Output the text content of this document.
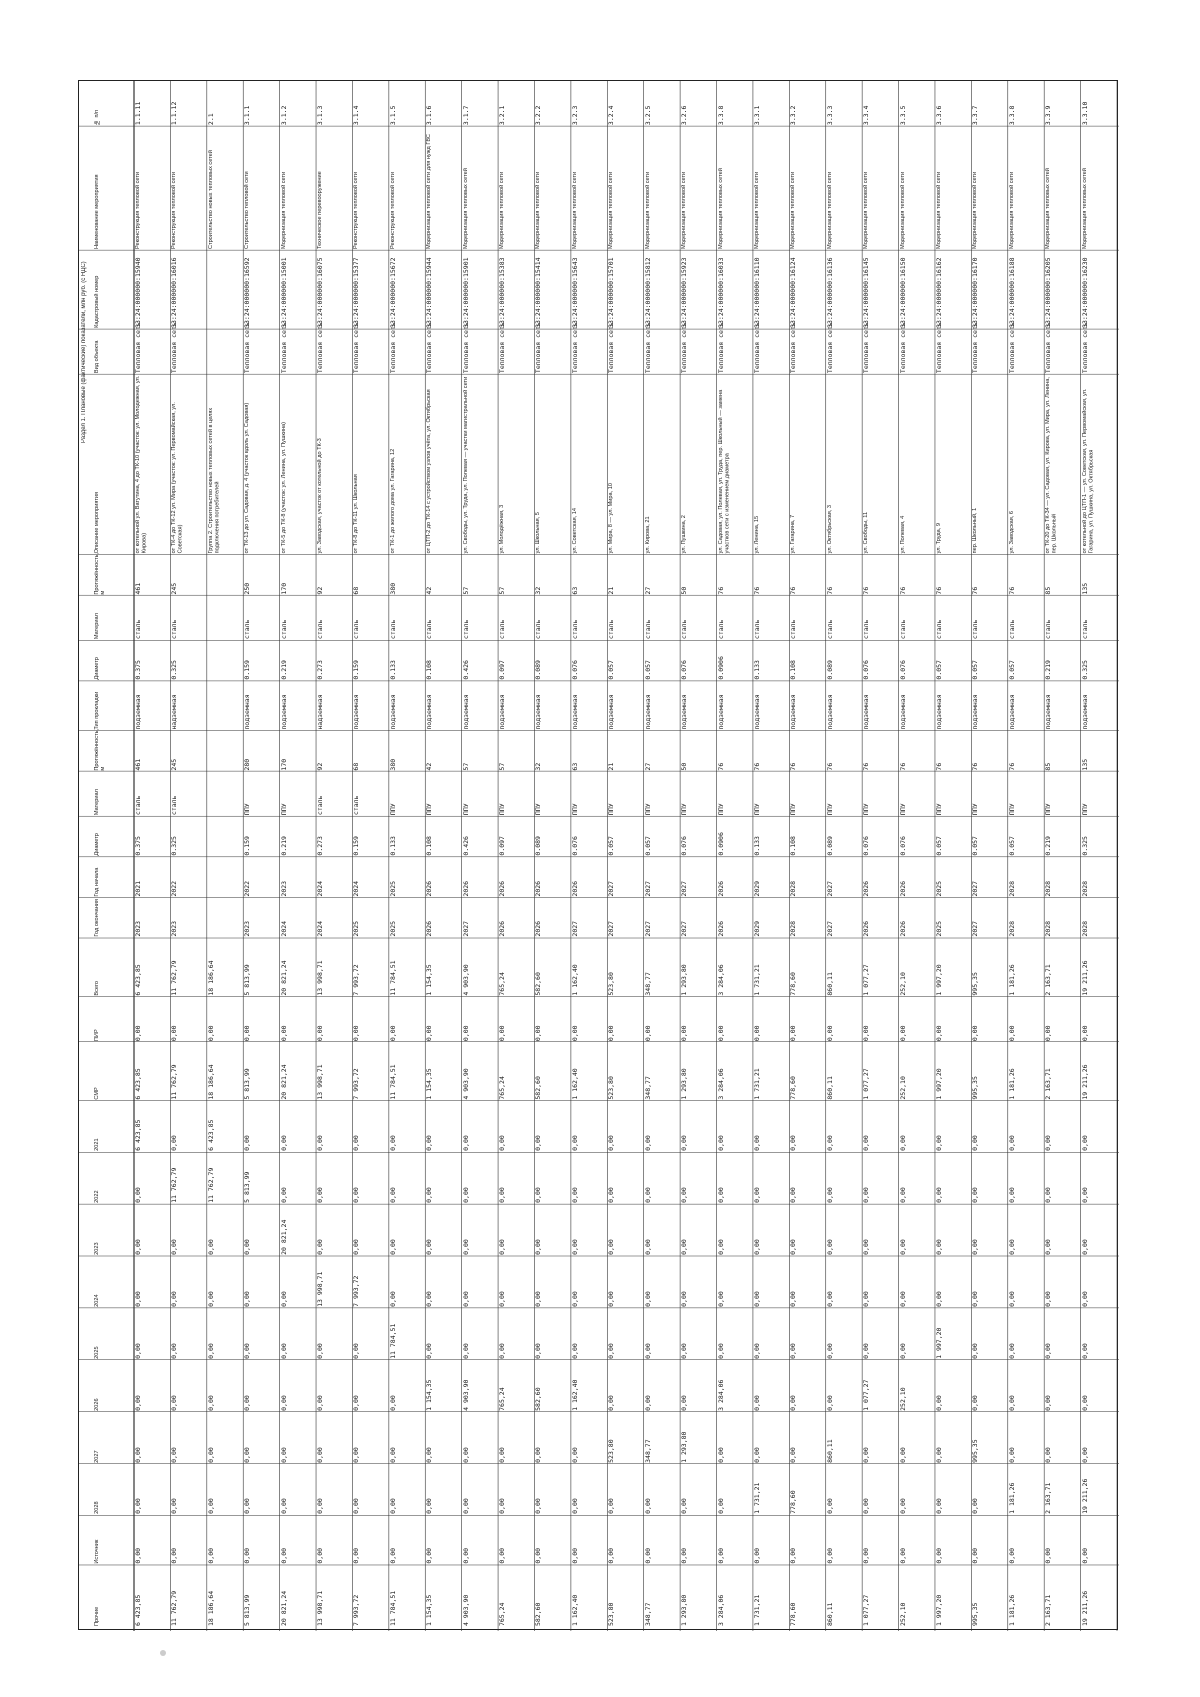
Раздел 1. Плановые (фактические) показатели, млн руб. (с НДС)
№ п/п
Наименование мероприятия
Кадастровый номер
Вид объекта
Описание мероприятия
Протяжённость, м
Материал
Диаметр
Тип прокладки
Протяжённость, м
Материал
Диаметр
Год начала
Год окончания
Всего
ПИР
СМР
2021
2022
2023
2024
2025
2026
2027
2028
Источник
Прочие
1.1.11
Реконструкция тепловой сети
33:24:000000:15940
Тепловая сеть
от котельной ул. Ватутина, 4 до ТК-10 (участок: ул. Молодежная, ул. Кирова)
461
сталь
0.375
подземная
461
сталь
0.375
2021
2023
6 423,85
0,00
6 423,85
6 423,85
0,00
0,00
0,00
0,00
0,00
0,00
0,00
0,00
6 423,85
1.1.12
Реконструкция тепловой сети
33:24:000000:16016
Тепловая сеть
от ТК-4 до ТК-12 ул. Мира (участок: ул. Первомайская, ул. Советская)
245
сталь
0.325
надземная
245
сталь
0.325
2022
2023
11 762,79
0,00
11 762,79
0,00
11 762,79
0,00
0,00
0,00
0,00
0,00
0,00
0,00
11 762,79
2.1
Строительство новых тепловых сетей
Группа 2. Строительство новых тепловых сетей в целях подключения потребителей
18 186,64
0,00
18 186,64
6 423,85
11 762,79
0,00
0,00
0,00
0,00
0,00
0,00
0,00
18 186,64
3.1.1
Строительство тепловой сети
33:24:000000:16592
Тепловая сеть
от ТК-13 до ул. Садовая, д. 4 (участок вдоль ул. Садовая)
250
сталь
0.159
подземная
280
ППУ
0.159
2022
2023
5 813,99
0,00
5 813,99
0,00
5 813,99
0,00
0,00
0,00
0,00
0,00
0,00
0,00
5 813,99
3.1.2
Модернизация тепловой сети
33:24:000000:15001
Тепловая сеть
от ТК-5 до ТК-8 (участок: ул. Ленина, ул. Пушкина)
170
сталь
0.219
подземная
170
ППУ
0.219
2023
2024
20 821,24
0,00
20 821,24
0,00
0,00
20 821,24
0,00
0,00
0,00
0,00
0,00
0,00
20 821,24
3.1.3
Техническое перевооружение
33:24:000000:16075
Тепловая сеть
ул. Заводская, участок от котельной до ТК-3
92
сталь
0.273
надземная
92
сталь
0.273
2024
2024
13 998,71
0,00
13 998,71
0,00
0,00
0,00
13 998,71
0,00
0,00
0,00
0,00
0,00
13 998,71
3.1.4
Реконструкция тепловой сети
33:24:000000:15377
Тепловая сеть
от ТК-8 до ТК-11 ул. Школьная
68
сталь
0.159
подземная
68
сталь
0.159
2024
2025
7 993,72
0,00
7 993,72
0,00
0,00
0,00
7 993,72
0,00
0,00
0,00
0,00
0,00
7 993,72
3.1.5
Реконструкция тепловой сети
33:24:000000:15672
Тепловая сеть
от ТК-1 до жилого дома ул. Гагарина, 12
380
сталь
0.133
подземная
380
ППУ
0.133
2025
2025
11 784,51
0,00
11 784,51
0,00
0,00
0,00
0,00
11 784,51
0,00
0,00
0,00
0,00
11 784,51
3.1.6
Модернизация тепловой сети для нужд ГВС
33:24:000000:15944
Тепловая сеть
от ЦТП-2 до ТК-14 с устройством узлов учёта, ул. Октябрьская
42
сталь
0.108
подземная
42
ППУ
0.108
2026
2026
1 154,35
0,00
1 154,35
0,00
0,00
0,00
0,00
0,00
1 154,35
0,00
0,00
0,00
1 154,35
3.1.7
Модернизация тепловых сетей
33:24:000000:15901
Тепловая сеть
ул. Свободы, ул. Труда, ул. Полевая — участки магистральной сети
57
сталь
0.426
подземная
57
ППУ
0.426
2026
2027
4 903,90
0,00
4 903,90
0,00
0,00
0,00
0,00
0,00
4 903,90
0,00
0,00
0,00
4 903,90
3.2.1
Модернизация тепловой сети
33:24:000000:15383
Тепловая сеть
ул. Молодёжная, 3
57
сталь
0.097
подземная
57
ППУ
0.097
2026
2026
765,24
0,00
765,24
0,00
0,00
0,00
0,00
0,00
765,24
0,00
0,00
0,00
765,24
3.2.2
Модернизация тепловой сети
33:24:000000:15414
Тепловая сеть
ул. Школьная, 5
32
сталь
0.089
подземная
32
ППУ
0.089
2026
2026
582,60
0,00
582,60
0,00
0,00
0,00
0,00
0,00
582,60
0,00
0,00
0,00
582,60
3.2.3
Модернизация тепловой сети
33:24:000000:15643
Тепловая сеть
ул. Советская, 14
63
сталь
0.076
подземная
63
ППУ
0.076
2026
2027
1 162,40
0,00
1 162,40
0,00
0,00
0,00
0,00
0,00
1 162,40
0,00
0,00
0,00
1 162,40
3.2.4
Модернизация тепловой сети
33:24:000000:15701
Тепловая сеть
ул. Мира, 8 — ул. Мира, 10
21
сталь
0.057
подземная
21
ППУ
0.057
2027
2027
523,80
0,00
523,80
0,00
0,00
0,00
0,00
0,00
0,00
523,80
0,00
0,00
523,80
3.2.5
Модернизация тепловой сети
33:24:000000:15812
Тепловая сеть
ул. Кирова, 21
27
сталь
0.057
подземная
27
ППУ
0.057
2027
2027
348,77
0,00
348,77
0,00
0,00
0,00
0,00
0,00
0,00
348,77
0,00
0,00
348,77
3.2.6
Модернизация тепловой сети
33:24:000000:15923
Тепловая сеть
ул. Пушкина, 2
50
сталь
0.076
подземная
50
ППУ
0.076
2027
2027
1 293,80
0,00
1 293,80
0,00
0,00
0,00
0,00
0,00
0,00
1 293,80
0,00
0,00
1 293,80
3.3.8
Модернизация тепловых сетей
33:24:000000:16033
Тепловая сеть
ул. Садовая, ул. Полевая, ул. Труда, пер. Школьный — замена участков сети с изменением диаметра
76
сталь
0.0906
подземная
76
ППУ
0.0906
2026
2026
3 284,06
0,00
3 284,06
0,00
0,00
0,00
0,00
0,00
3 284,06
0,00
0,00
0,00
3 284,06
3.3.1
Модернизация тепловой сети
33:24:000000:16110
Тепловая сеть
ул. Ленина, 15
76
сталь
0.133
подземная
76
ППУ
0.133
2029
2029
1 731,21
0,00
1 731,21
0,00
0,00
0,00
0,00
0,00
0,00
0,00
1 731,21
0,00
1 731,21
3.3.2
Модернизация тепловой сети
33:24:000000:16124
Тепловая сеть
ул. Гагарина, 7
76
сталь
0.108
подземная
76
ППУ
0.108
2028
2028
778,60
0,00
778,60
0,00
0,00
0,00
0,00
0,00
0,00
0,00
778,60
0,00
778,60
3.3.3
Модернизация тепловой сети
33:24:000000:16136
Тепловая сеть
ул. Октябрьская, 3
76
сталь
0.089
подземная
76
ППУ
0.089
2027
2027
860,11
0,00
860,11
0,00
0,00
0,00
0,00
0,00
0,00
860,11
0,00
0,00
860,11
3.3.4
Модернизация тепловой сети
33:24:000000:16145
Тепловая сеть
ул. Свободы, 11
76
сталь
0.076
подземная
76
ППУ
0.076
2026
2026
1 077,27
0,00
1 077,27
0,00
0,00
0,00
0,00
0,00
1 077,27
0,00
0,00
0,00
1 077,27
3.3.5
Модернизация тепловой сети
33:24:000000:16150
Тепловая сеть
ул. Полевая, 4
76
сталь
0.076
подземная
76
ППУ
0.076
2026
2026
252,10
0,00
252,10
0,00
0,00
0,00
0,00
0,00
252,10
0,00
0,00
0,00
252,10
3.3.6
Модернизация тепловой сети
33:24:000000:16162
Тепловая сеть
ул. Труда, 9
76
сталь
0.057
подземная
76
ППУ
0.057
2025
2025
1 997,20
0,00
1 997,20
0,00
0,00
0,00
0,00
1 997,20
0,00
0,00
0,00
0,00
1 997,20
3.3.7
Модернизация тепловой сети
33:24:000000:16170
Тепловая сеть
пер. Школьный, 1
76
сталь
0.057
подземная
76
ППУ
0.057
2027
2027
995,35
0,00
995,35
0,00
0,00
0,00
0,00
0,00
0,00
995,35
0,00
0,00
995,35
3.3.8
Модернизация тепловой сети
33:24:000000:16188
Тепловая сеть
ул. Заводская, 6
76
сталь
0.057
подземная
76
ППУ
0.057
2028
2028
1 181,26
0,00
1 181,26
0,00
0,00
0,00
0,00
0,00
0,00
0,00
1 181,26
0,00
1 181,26
3.3.9
Модернизация тепловых сетей
33:24:000000:16205
Тепловая сеть
от ТК-20 до ТК-34 — ул. Садовая, ул. Кирова, ул. Мира, ул. Ленина, пер. Школьный
85
сталь
0.219
подземная
85
ППУ
0.219
2028
2028
2 163,71
0,00
2 163,71
0,00
0,00
0,00
0,00
0,00
0,00
0,00
2 163,71
0,00
2 163,71
3.3.10
Модернизация тепловых сетей
33:24:000000:16230
Тепловая сеть
от котельной до ЦТП-1 — ул. Советская, ул. Первомайская, ул. Гагарина, ул. Пушкина, ул. Октябрьская
135
сталь
0.325
подземная
135
ППУ
0.325
2028
2028
19 211,26
0,00
19 211,26
0,00
0,00
0,00
0,00
0,00
0,00
0,00
19 211,26
0,00
19 211,26
